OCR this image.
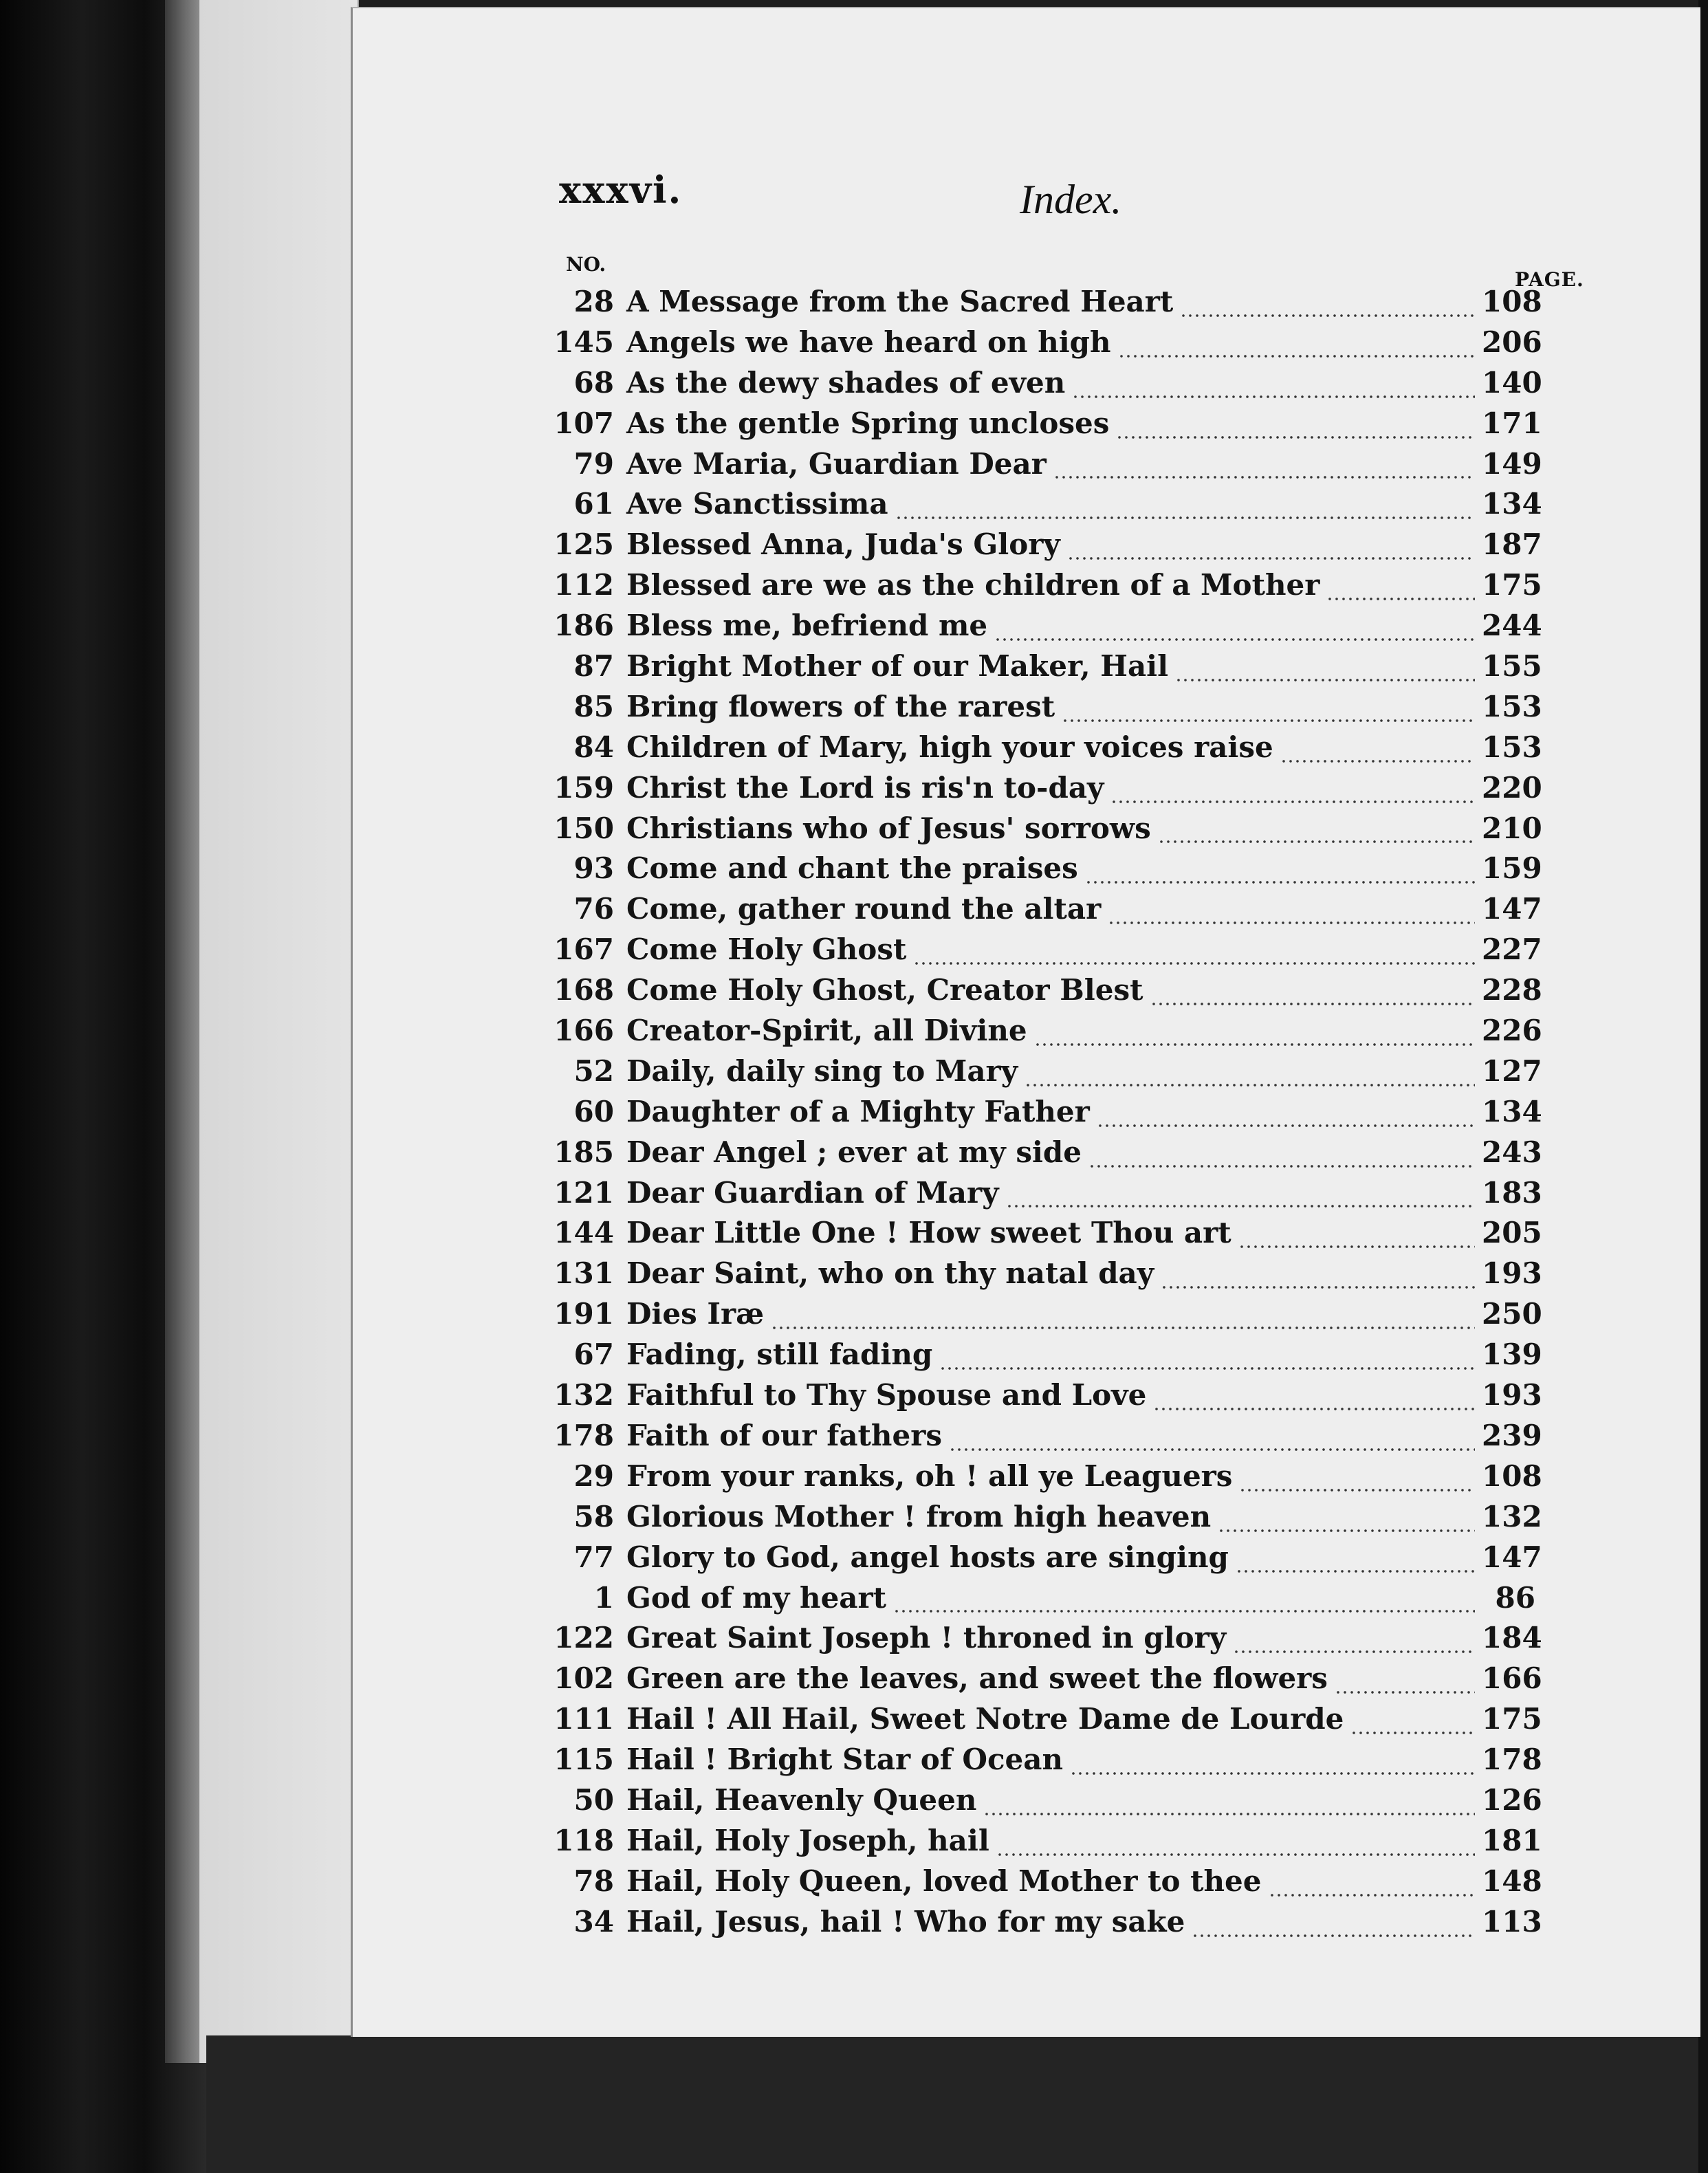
xxxvi.	Index.
NO.
PAGE.
28 A Message from the Sacred Heart	108
145 Angels we have heard on high	206
68 As the dewy shades of even	140
107 As the gentle Spring uncloses	171
79 Ave Maria, Guardian Dear	149
61 Ave Sanctissima	134
125 Blessed Anna, Juda's Glory	187
112 Blessed are we as the children of a Mother	175
186 Bless me, befriend me	244
87 Bright Mother of our Maker, Hail	155
85 Bring flowers of the rarest	153
84 Children of Mary, high your voices raise	153
159 Christ the Lord is ris'n to-day	220
150 Christians who of Jesus' sorrows	210
93 Come and chant the praises	159
76 Come, gather round the altar	147
167 Come Holy Ghost	227
168 Come Holy Ghost, Creator Blest	228
166 Creator-Spirit, all Divine	226
52 Daily, daily sing to Mary	127
60 Daughter of a Mighty Father	134
185 Dear Angel ; ever at my side	243
121 Dear Guardian of Mary	183
144 Dear Little One ! How sweet Thou art	205
131 Dear Saint, who on thy natal day	193
191 Dies Iræ	250
67 Fading, still fading	139
132 Faithful to Thy Spouse and Love	193
178 Faith of our fathers	239
29 From your ranks, oh ! all ye Leaguers	108
58 Glorious Mother ! from high heaven	132
77 Glory to God, angel hosts are singing	147
1 God of my heart	86
122 Great Saint Joseph ! throned in glory	184
102 Green are the leaves, and sweet the flowers	166
111 Hail ! All Hail, Sweet Notre Dame de Lourde	175
115 Hail ! Bright Star of Ocean	178
50 Hail, Heavenly Queen	126
118 Hail, Holy Joseph, hail	181
78 Hail, Holy Queen, loved Mother to thee	148
34 Hail, Jesus, hail ! Who for my sake	113
